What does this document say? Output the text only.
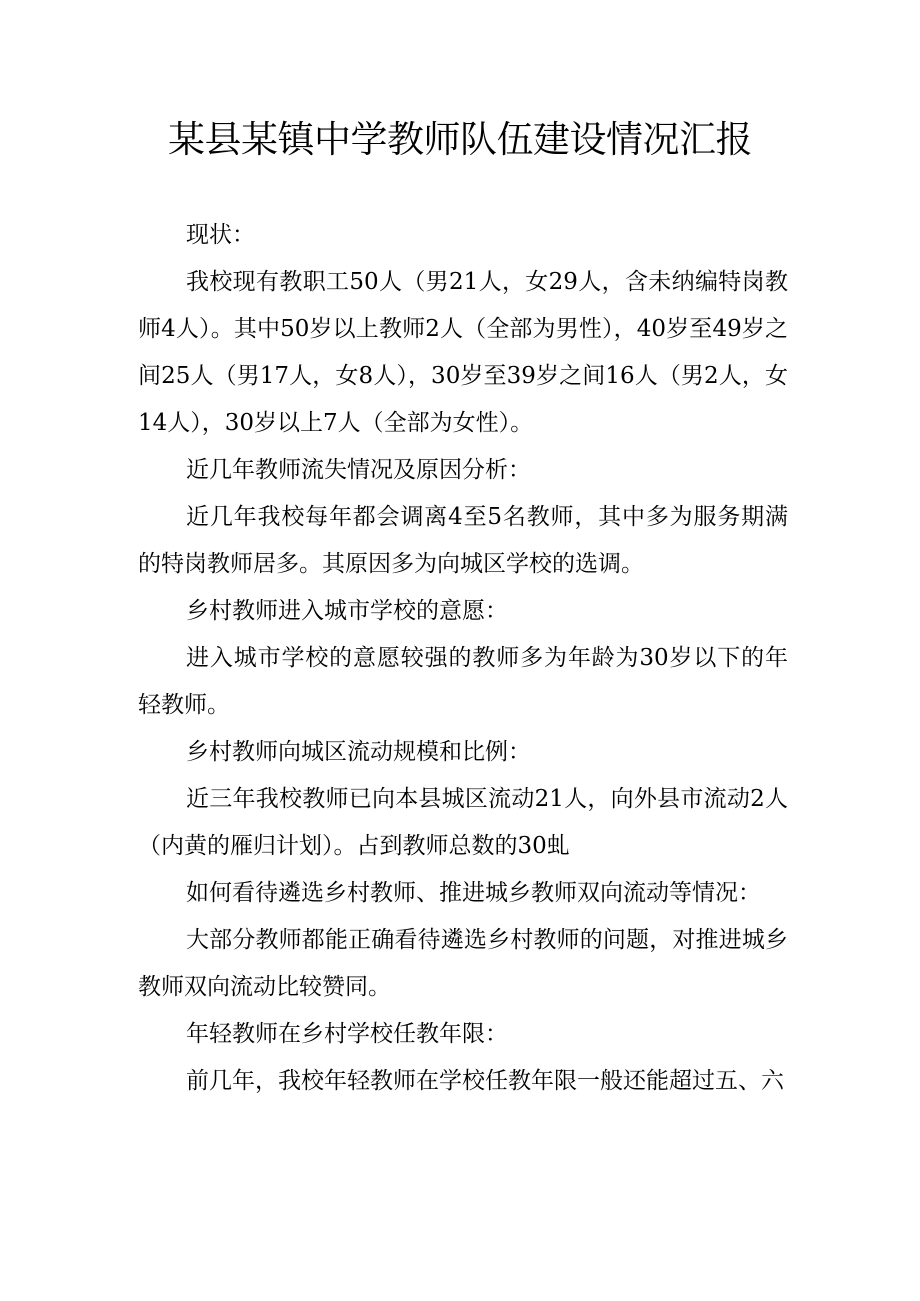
某县某镇中学教师队伍建设情况汇报

现状：

我校现有教职工50人（男21人，女29人，含未纳编特岗教师4人）。其中50岁以上教师2人（全部为男性），40岁至49岁之间25人（男17人，女8人），30岁至39岁之间16人（男2人，女14人），30岁以上7人（全部为女性）。

近几年教师流失情况及原因分析：

近几年我校每年都会调离4至5名教师，其中多为服务期满的特岗教师居多。其原因多为向城区学校的选调。

乡村教师进入城市学校的意愿：

进入城市学校的意愿较强的教师多为年龄为30岁以下的年轻教师。

乡村教师向城区流动规模和比例：

近三年我校教师已向本县城区流动21人，向外县市流动2人（内黄的雁归计划）。占到教师总数的30虬

如何看待遴选乡村教师、推进城乡教师双向流动等情况：

大部分教师都能正确看待遴选乡村教师的问题，对推进城乡教师双向流动比较赞同。

年轻教师在乡村学校任教年限：

前几年，我校年轻教师在学校任教年限一般还能超过五、六
